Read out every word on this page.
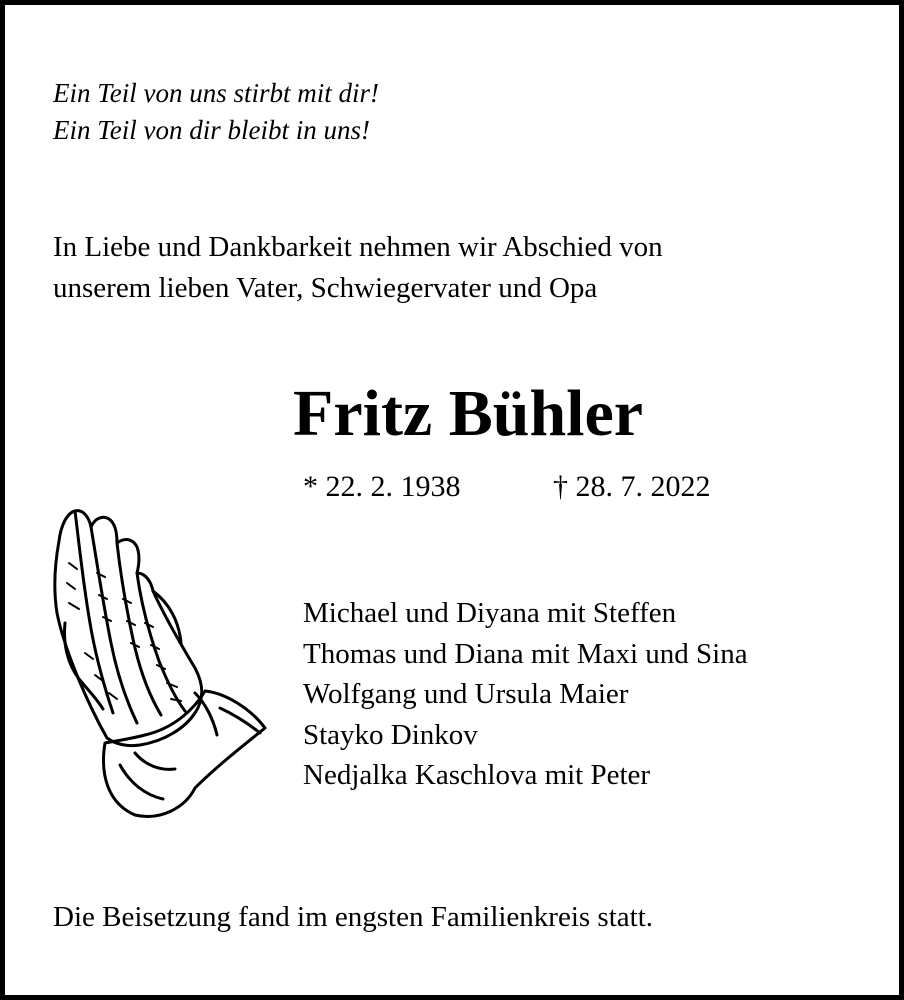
Ein Teil von uns stirbt mit dir!
Ein Teil von dir bleibt in uns!
In Liebe und Dankbarkeit nehmen wir Abschied von
unserem lieben Vater, Schwiegervater und Opa
Fritz Bühler
* 22. 2. 1938	† 28. 7. 2022
Michael und Diyana mit Steffen
Thomas und Diana mit Maxi und Sina
Wolfgang und Ursula Maier
Stayko Dinkov
Nedjalka Kaschlova mit Peter
Die Beisetzung fand im engsten Familienkreis statt.
